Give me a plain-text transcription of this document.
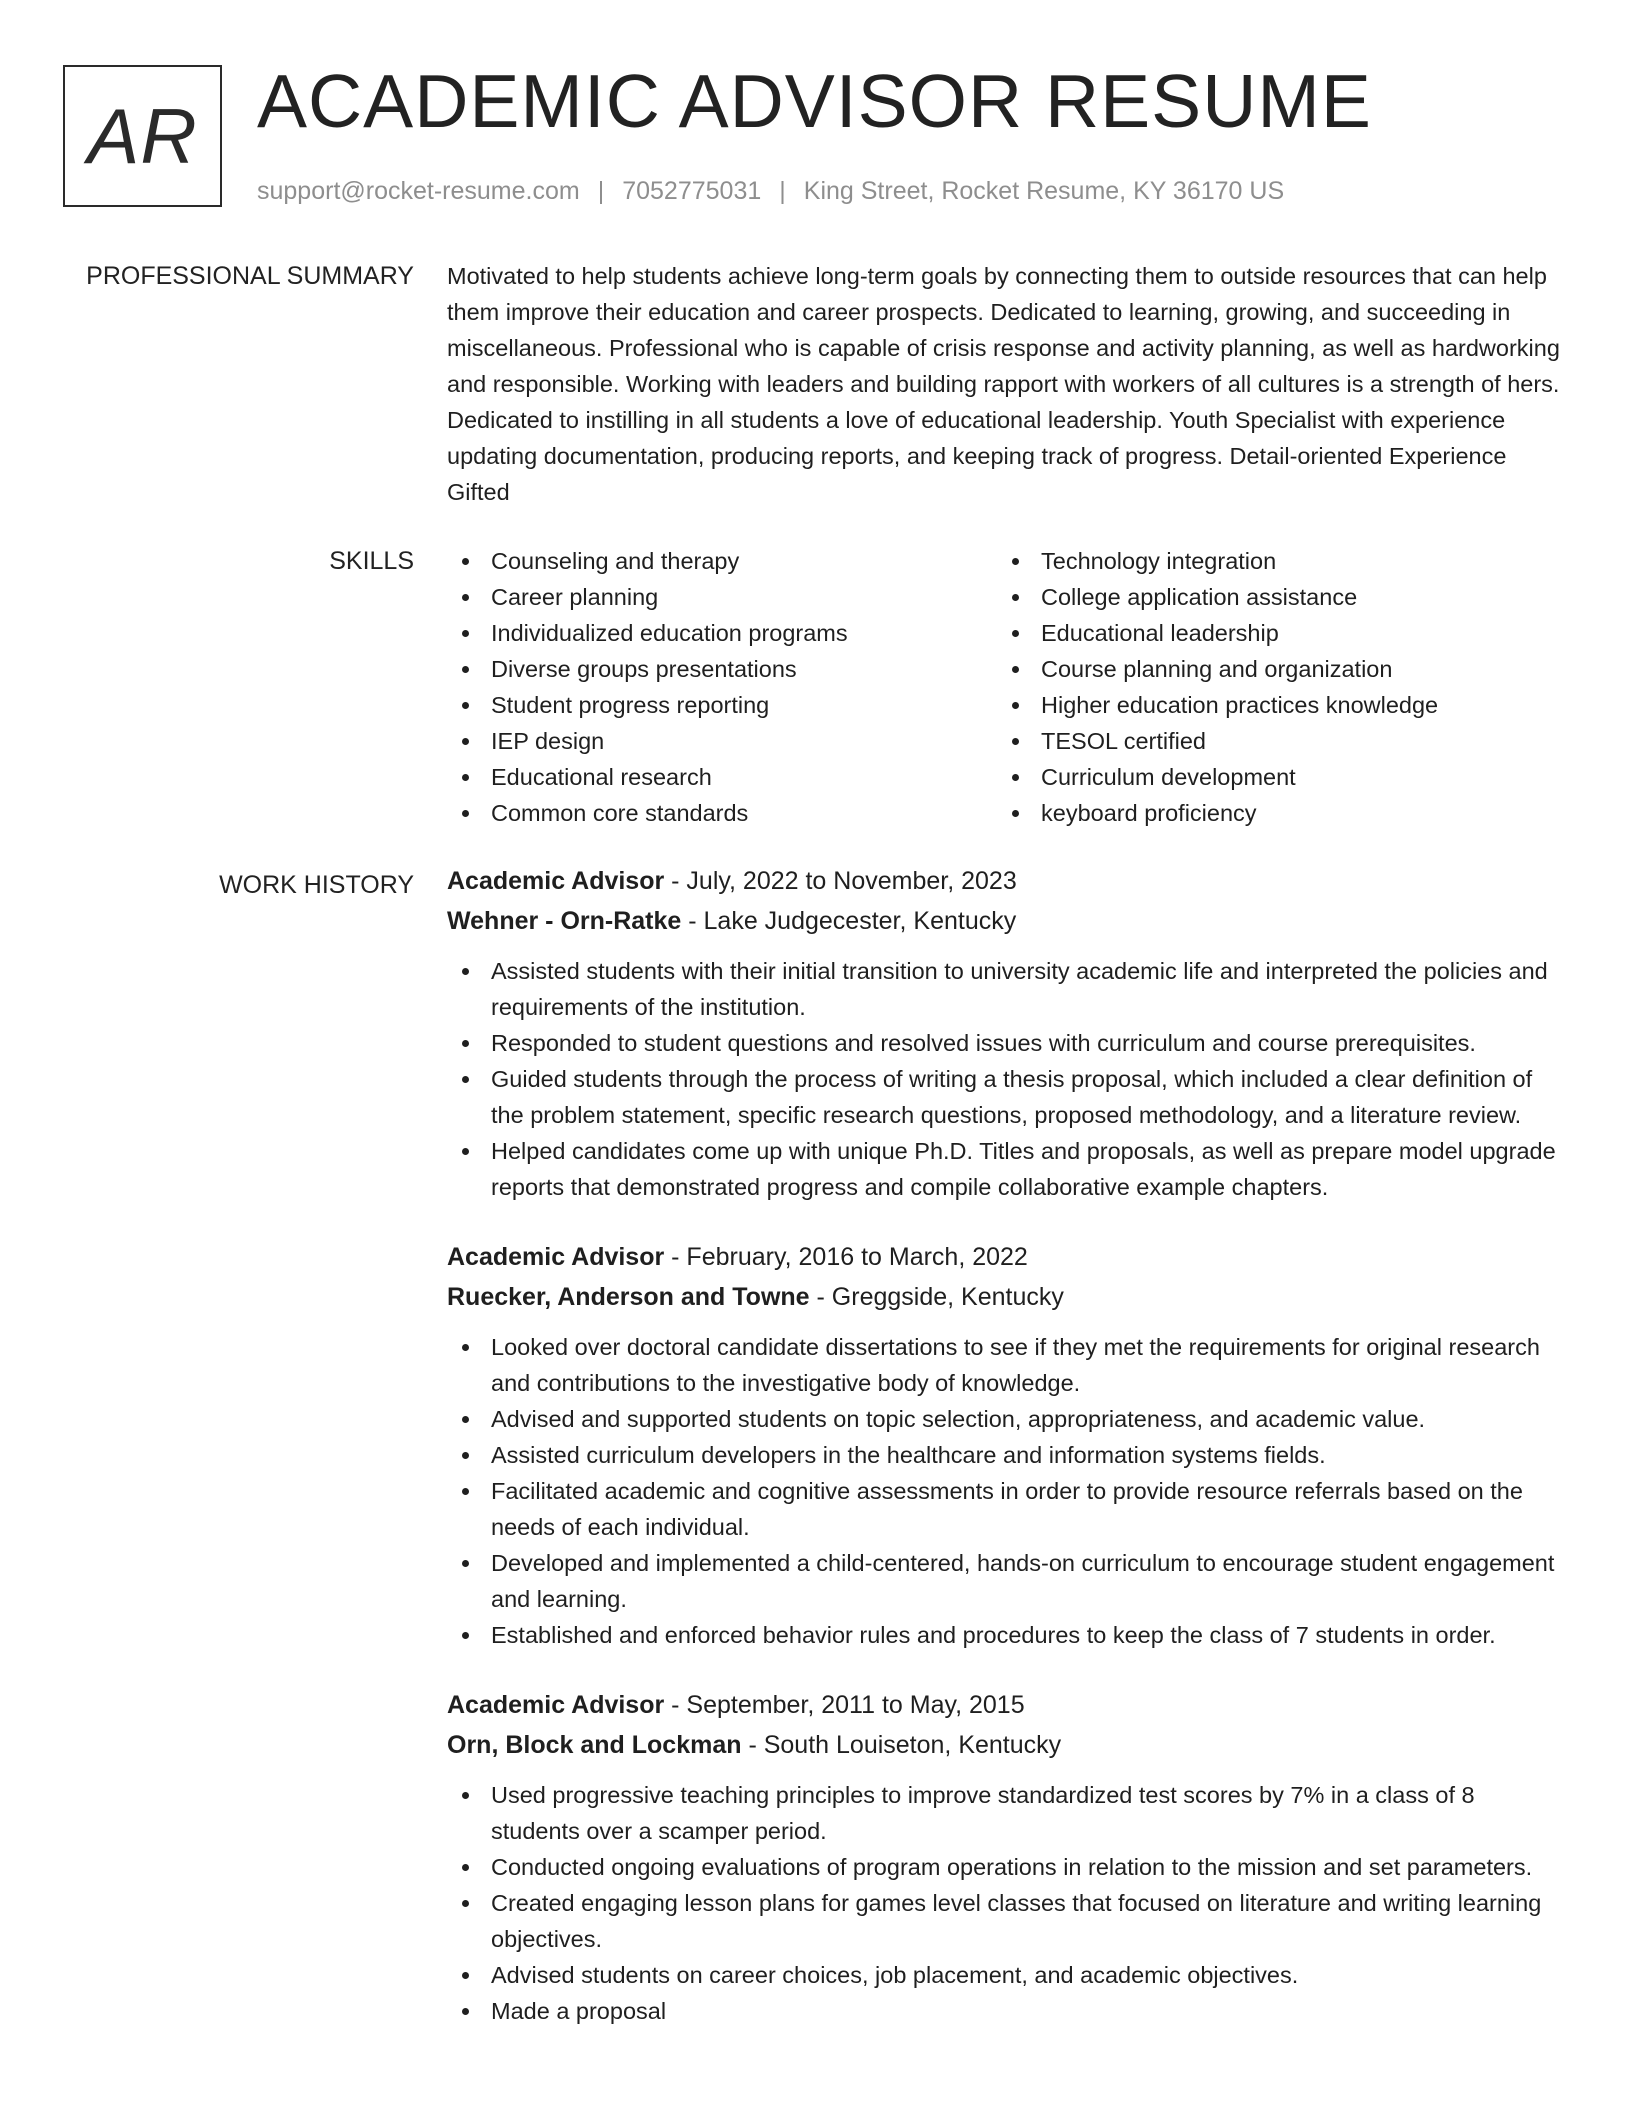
AR ACADEMIC ADVISOR RESUME
support@rocket-resume.com | 7052775031 | King Street, Rocket Resume, KY 36170 US
PROFESSIONAL SUMMARY Motivated to help students achieve long-term goals by connecting them to outside resources that can help them improve their education and career prospects. Dedicated to learning, growing, and succeeding in miscellaneous. Professional who is capable of crisis response and activity planning, as well as hardworking and responsible. Working with leaders and building rapport with workers of all cultures is a strength of hers. Dedicated to instilling in all students a love of educational leadership. Youth Specialist with experience updating documentation, producing reports, and keeping track of progress. Detail-oriented Experience Gifted

SKILLS	Counseling and therapy
Career planning
Individualized education programs
Diverse groups presentations
Student progress reporting
IEP design
Educational research
Common core standards
Technology integration
College application assistance
Educational leadership
Course planning and organization
Higher education practices knowledge
TESOL certified
Curriculum development
keyboard proficiency
WORK HISTORY Academic Advisor - July, 2022 to November, 2023
Wehner - Orn-Ratke - Lake Judgecester, Kentucky
Assisted students with their initial transition to university academic life and interpreted the policies and requirements of the institution.
Responded to student questions and resolved issues with curriculum and course prerequisites.
Guided students through the process of writing a thesis proposal, which included a clear definition of the problem statement, specific research questions, proposed methodology, and a literature review.
Helped candidates come up with unique Ph.D. Titles and proposals, as well as prepare model upgrade reports that demonstrated progress and compile collaborative example chapters.
Academic Advisor - February, 2016 to March, 2022
Ruecker, Anderson and Towne - Greggside, Kentucky
Looked over doctoral candidate dissertations to see if they met the requirements for original research and contributions to the investigative body of knowledge.
Advised and supported students on topic selection, appropriateness, and academic value.
Assisted curriculum developers in the healthcare and information systems fields.
Facilitated academic and cognitive assessments in order to provide resource referrals based on the needs of each individual.
Developed and implemented a child-centered, hands-on curriculum to encourage student engagement and learning.
Established and enforced behavior rules and procedures to keep the class of 7 students in order.
Academic Advisor - September, 2011 to May, 2015
Orn, Block and Lockman - South Louiseton, Kentucky
Used progressive teaching principles to improve standardized test scores by 7% in a class of 8 students over a scamper period.
Conducted ongoing evaluations of program operations in relation to the mission and set parameters.
Created engaging lesson plans for games level classes that focused on literature and writing learning objectives.
Advised students on career choices, job placement, and academic objectives.
Made a proposal
